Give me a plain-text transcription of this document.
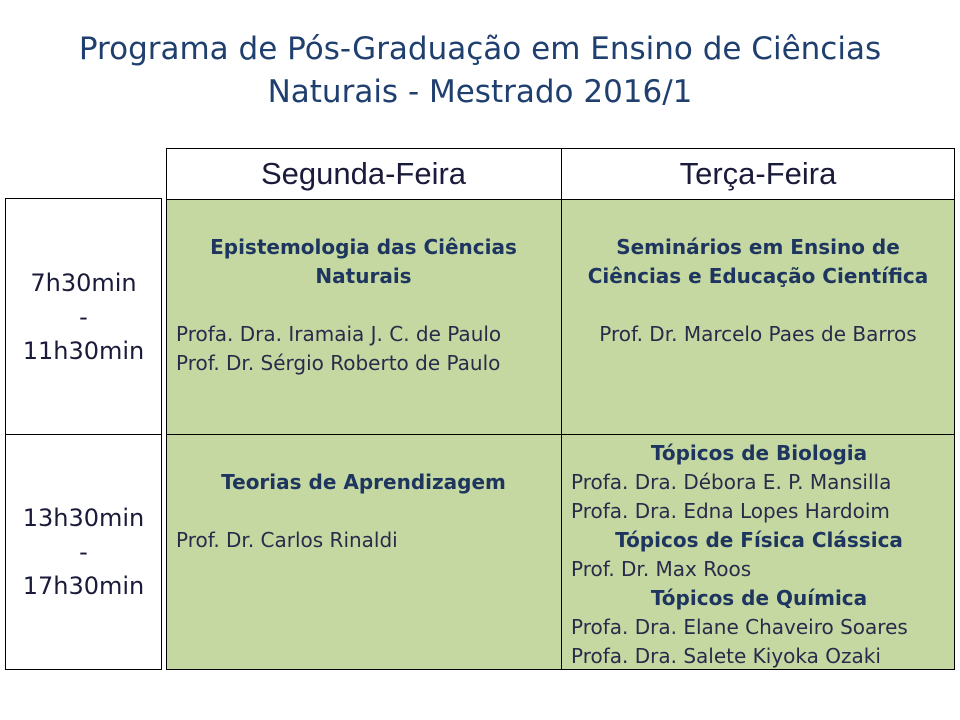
Programa de Pós-Graduação em Ensino de Ciências
Naturais - Mestrado 2016/1
7h30min
-
11h30min
13h30min
-
17h30min
Segunda-Feira	Terça-Feira
Epistemologia das Ciências
Naturais
Profa. Dra. Iramaia J. C. de Paulo
Prof. Dr. Sérgio Roberto de Paulo
Seminários em Ensino de
Ciências e Educação Científica
Prof. Dr. Marcelo Paes de Barros
Teorias de Aprendizagem
Prof. Dr. Carlos Rinaldi
Tópicos de Biologia
Profa. Dra. Débora E. P. Mansilla
Profa. Dra. Edna Lopes Hardoim
Tópicos de Física Clássica
Prof. Dr. Max Roos
Tópicos de Química
Profa. Dra. Elane Chaveiro Soares
Profa. Dra. Salete Kiyoka Ozaki
